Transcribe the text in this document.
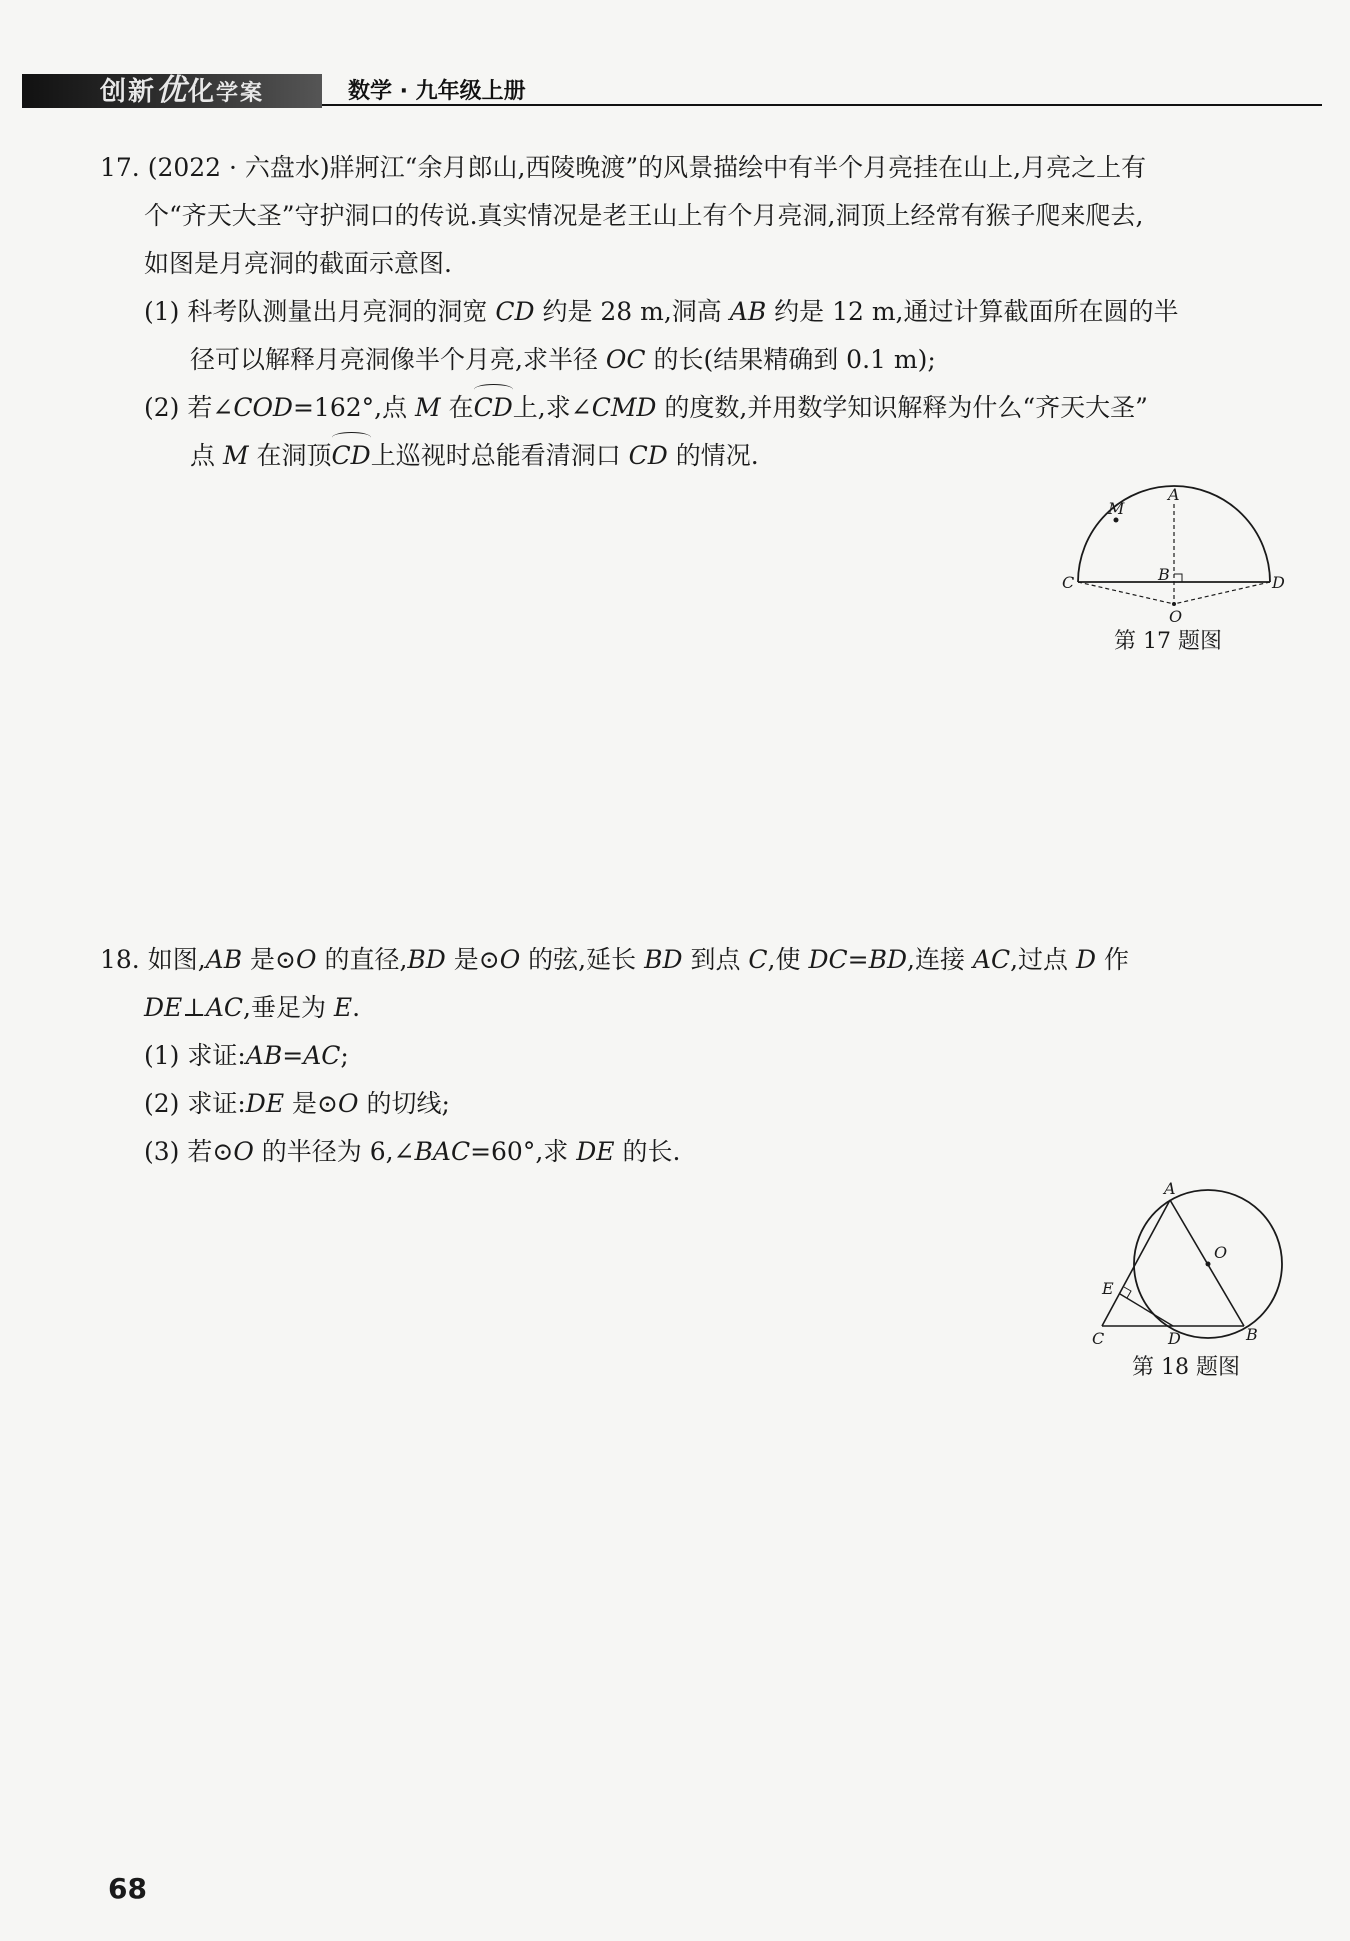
创新优化学案	数学 · 九年级上册

17. (2022 · 六盘水)牂牁江“余月郎山,西陵晚渡”的风景描绘中有半个月亮挂在山上,月亮之上有

个“齐天大圣”守护洞口的传说.真实情况是老王山上有个月亮洞,洞顶上经常有猴子爬来爬去,

如图是月亮洞的截面示意图.

(1) 科考队测量出月亮洞的洞宽 CD 约是 28 m,洞高 AB 约是 12 m,通过计算截面所在圆的半

径可以解释月亮洞像半个月亮,求半径 OC 的长(结果精确到 0.1 m);

(2) 若∠COD=162°,点 M 在CD上,求∠CMD 的度数,并用数学知识解释为什么“齐天大圣”

点 M 在洞顶CD上巡视时总能看清洞口 CD 的情况.

M
A
B
C	D
O
第 17 题图

18. 如图,AB 是⊙O 的直径,BD 是⊙O 的弦,延长 BD 到点 C,使 DC=BD,连接 AC,过点 D 作

DE⊥AC,垂足为 E.

(1) 求证:AB=AC;

(2) 求证:DE 是⊙O 的切线;

(3) 若⊙O 的半径为 6,∠BAC=60°,求 DE 的长.

A
O
E
C	D	B
第 18 题图
68
